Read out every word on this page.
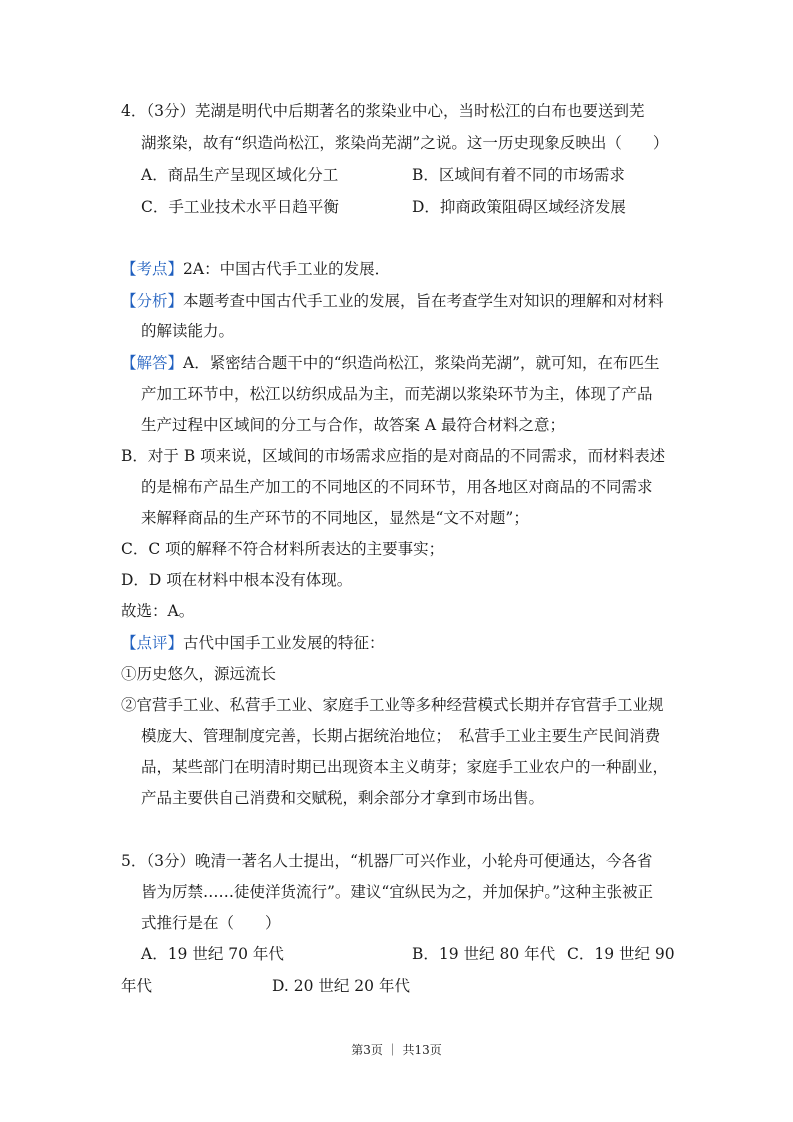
4．（3分）芜湖是明代中后期著名的浆染业中心，当时松江的白布也要送到芜
湖浆染，故有“织造尚松江，浆染尚芜湖”之说。这一历史现象反映出（　　）
A．商品生产呈现区域化分工	B．区域间有着不同的市场需求
C．手工业技术水平日趋平衡	D．抑商政策阻碍区域经济发展
【考点】2A：中国古代手工业的发展．
【分析】本题考查中国古代手工业的发展，旨在考查学生对知识的理解和对材料
的解读能力。
【解答】A．紧密结合题干中的“织造尚松江，浆染尚芜湖”，就可知，在布匹生
产加工环节中，松江以纺织成品为主，而芜湖以浆染环节为主，体现了产品
生产过程中区域间的分工与合作，故答案 A 最符合材料之意；
B．对于 B 项来说，区域间的市场需求应指的是对商品的不同需求，而材料表述
的是棉布产品生产加工的不同地区的不同环节，用各地区对商品的不同需求
来解释商品的生产环节的不同地区，显然是“文不对题”；
C．C 项的解释不符合材料所表达的主要事实；
D．D 项在材料中根本没有体现。
故选：A。
【点评】古代中国手工业发展的特征：
①历史悠久，源远流长
②官营手工业、私营手工业、家庭手工业等多种经营模式长期并存官营手工业规
模庞大、管理制度完善，长期占据统治地位；　私营手工业主要生产民间消费
品，某些部门在明清时期已出现资本主义萌芽；家庭手工业农户的一种副业，
产品主要供自己消费和交赋税，剩余部分才拿到市场出售。
5．（3分）晚清一著名人士提出，“机器厂可兴作业，小轮舟可便通达，今各省
皆为厉禁……徒使洋货流行”。建议“宜纵民为之，并加保护。”这种主张被正
式推行是在（　　）
A．19 世纪 70 年代	B．19 世纪 80 年代 C．19 世纪 90
年代	D. 20 世纪 20 年代
第3页 ｜ 共13页
